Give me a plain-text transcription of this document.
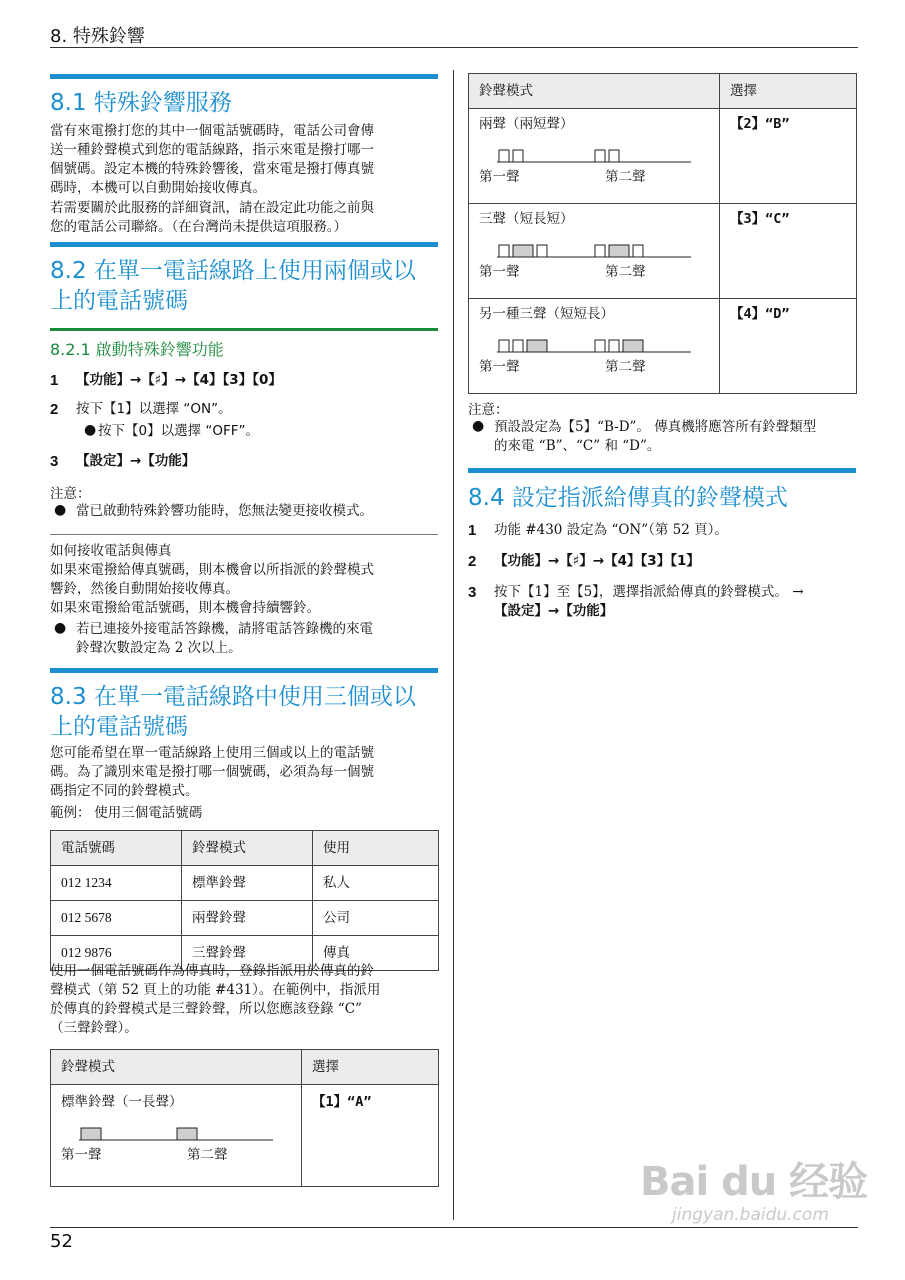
8. 特殊鈴響
8.1 特殊鈴響服務
當有來電撥打您的其中一個電話號碼時，電話公司會傳
送一種鈴聲模式到您的電話線路，指示來電是撥打哪一
個號碼。設定本機的特殊鈴響後，當來電是撥打傳真號
碼時，本機可以自動開始接收傳真。
若需要關於此服務的詳細資訊，請在設定此功能之前與
您的電話公司聯絡。（在台灣尚未提供這項服務。）
8.2 在單一電話線路上使用兩個或以
上的電話號碼
8.2.1 啟動特殊鈴響功能
1 【功能】→【♯】→【4】【3】【0】
2 按下【1】以選擇 “ON”。
● 按下【0】以選擇 “OFF”。
3 【設定】→【功能】
注意：
● 當已啟動特殊鈴響功能時，您無法變更接收模式。
如何接收電話與傳真
如果來電撥給傳真號碼，則本機會以所指派的鈴聲模式
響鈴，然後自動開始接收傳真。
如果來電撥給電話號碼，則本機會持續響鈴。
● 若已連接外接電話答錄機，請將電話答錄機的來電
鈴聲次數設定為 2 次以上。
8.3 在單一電話線路中使用三個或以
上的電話號碼
您可能希望在單一電話線路上使用三個或以上的電話號
碼。為了識別來電是撥打哪一個號碼，必須為每一個號
碼指定不同的鈴聲模式。
範例： 使用三個電話號碼
電話號碼	鈴聲模式	使用
012 1234	標準鈴聲	私人
012 5678	兩聲鈴聲	公司
012 9876	三聲鈴聲	傳真
使用一個電話號碼作為傳真時，登錄指派用於傳真的鈴
聲模式（第 52 頁上的功能 #431）。在範例中，指派用
於傳真的鈴聲模式是三聲鈴聲，所以您應該登錄 “C”
（三聲鈴聲）。
鈴聲模式	選擇

標準鈴聲（一長聲）
第一聲 第二聲	【1】“A”
鈴聲模式	選擇

兩聲（兩短聲）
第一聲 第二聲	【2】“B”

三聲（短長短）
第一聲 第二聲	【3】“C”

另一種三聲（短短長）
第一聲 第二聲	【4】“D”
注意：
● 預設設定為【5】“B-D”。 傳真機將應答所有鈴聲類型
的來電 “B”、“C” 和 “D”。
8.4 設定指派給傳真的鈴聲模式
1 功能 #430 設定為 “ON”（第 52 頁）。
2 【功能】→【♯】→【4】【3】【1】
3 按下【1】至【5】，選擇指派給傳真的鈴聲模式。 →
【設定】→【功能】
52
Bai du 经验
jingyan.baidu.com
